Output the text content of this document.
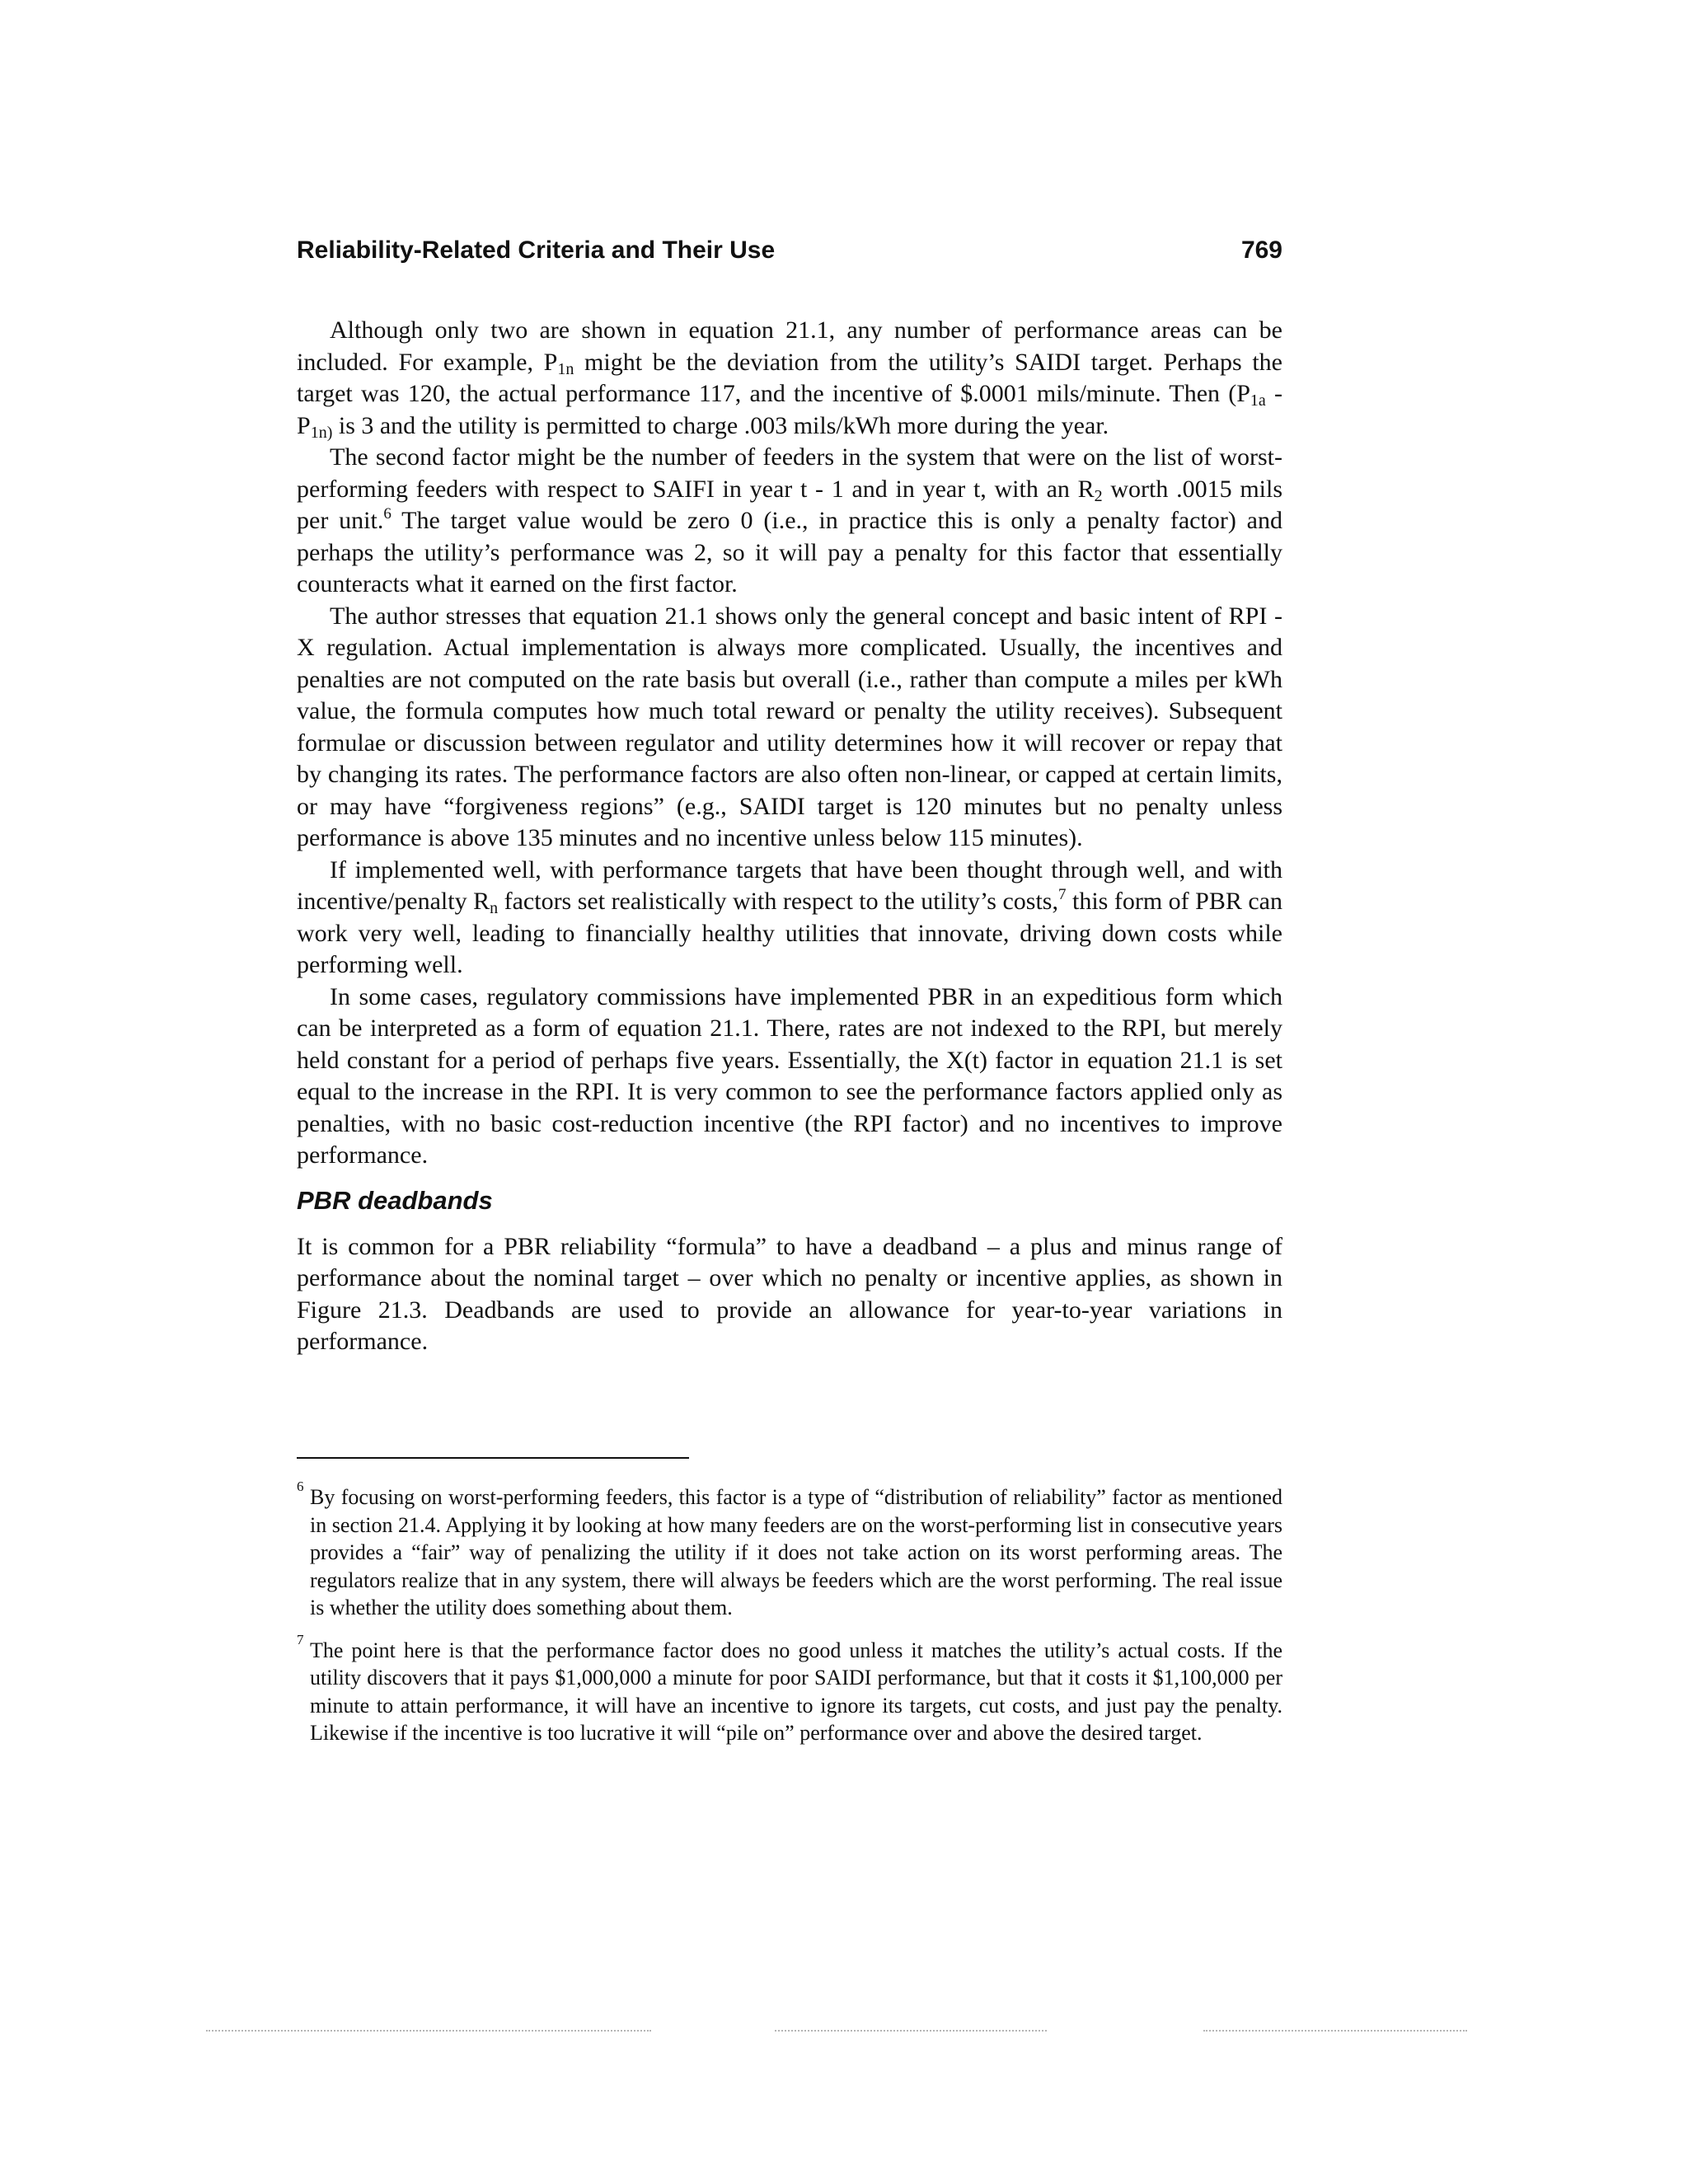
Reliability-Related Criteria and Their Use	769

Although only two are shown in equation 21.1, any number of performance areas can be included. For example, $P_{1n}$ might be the deviation from the utility’s SAIDI target. Perhaps the target was 120, the actual performance 117, and the incentive of $.0001 mils/minute. Then ($P_{1a} - P_{1n)}$ is 3 and the utility is permitted to charge .003 mils/kWh more during the year.

The second factor might be the number of feeders in the system that were on the list of worst-performing feeders with respect to SAIFI in year t - 1 and in year t, with an $R_2$ worth .0015 mils per unit.$^6$ The target value would be zero 0 (i.e., in practice this is only a penalty factor) and perhaps the utility’s performance was 2, so it will pay a penalty for this factor that essentially counteracts what it earned on the first factor.

The author stresses that equation 21.1 shows only the general concept and basic intent of RPI - X regulation. Actual implementation is always more complicated. Usually, the incentives and penalties are not computed on the rate basis but overall (i.e., rather than compute a miles per kWh value, the formula computes how much total reward or penalty the utility receives). Subsequent formulae or discussion between regulator and utility determines how it will recover or repay that by changing its rates. The performance factors are also often non-linear, or capped at certain limits, or may have “forgiveness regions” (e.g., SAIDI target is 120 minutes but no penalty unless performance is above 135 minutes and no incentive unless below 115 minutes).

If implemented well, with performance targets that have been thought through well, and with incentive/penalty $R_n$ factors set realistically with respect to the utility’s costs,$^7$ this form of PBR can work very well, leading to financially healthy utilities that innovate, driving down costs while performing well.

In some cases, regulatory commissions have implemented PBR in an expeditious form which can be interpreted as a form of equation 21.1. There, rates are not indexed to the RPI, but merely held constant for a period of perhaps five years. Essentially, the X(t) factor in equation 21.1 is set equal to the increase in the RPI. It is very common to see the performance factors applied only as penalties, with no basic cost-reduction incentive (the RPI factor) and no incentives to improve performance.

PBR deadbands

It is common for a PBR reliability “formula” to have a deadband – a plus and minus range of performance about the nominal target – over which no penalty or incentive applies, as shown in Figure 21.3. Deadbands are used to provide an allowance for year-to-year variations in performance.

6 By focusing on worst-performing feeders, this factor is a type of “distribution of reliability” factor as mentioned in section 21.4. Applying it by looking at how many feeders are on the worst-performing list in consecutive years provides a “fair” way of penalizing the utility if it does not take action on its worst performing areas. The regulators realize that in any system, there will always be feeders which are the worst performing. The real issue is whether the utility does something about them.
7 The point here is that the performance factor does no good unless it matches the utility’s actual costs. If the utility discovers that it pays $1,000,000 a minute for poor SAIDI performance, but that it costs it $1,100,000 per minute to attain performance, it will have an incentive to ignore its targets, cut costs, and just pay the penalty. Likewise if the incentive is too lucrative it will “pile on” performance over and above the desired target.
